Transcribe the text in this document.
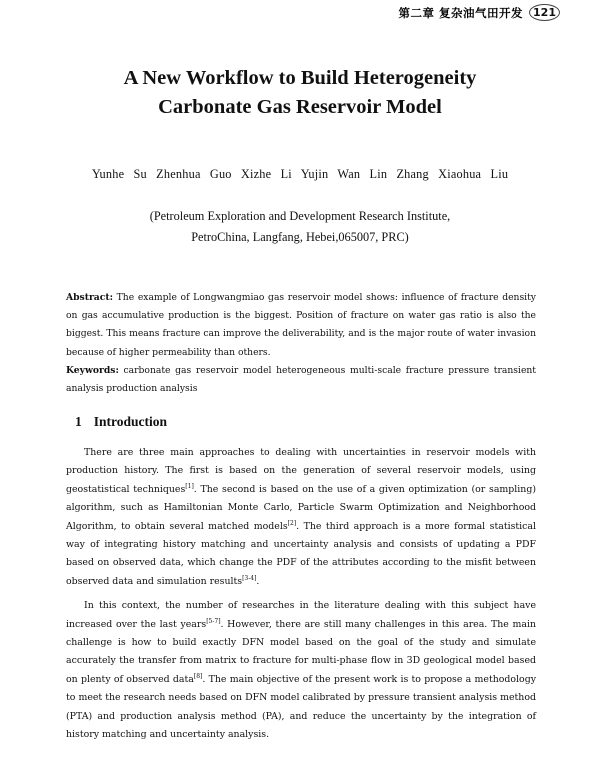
第二章 复杂油气田开发 121
A New Workflow to Build Heterogeneity
Carbonate Gas Reservoir Model
Yunhe Su Zhenhua Guo Xizhe Li Yujin Wan Lin Zhang Xiaohua Liu
(Petroleum Exploration and Development Research Institute,
PetroChina, Langfang, Hebei,065007, PRC)
Abstract: The example of Longwangmiao gas reservoir model shows: influence of fracture density on gas accumulative production is the biggest. Position of fracture on water gas ratio is also the biggest. This means fracture can improve the deliverability, and is the major route of water invasion because of higher permeability than others.
Keywords: carbonate gas reservoir model heterogeneous multi-scale fracture pressure transient analysis production analysis
1 Introduction

There are three main approaches to dealing with uncertainties in reservoir models with production history. The first is based on the generation of several reservoir models, using geostatistical techniques[1]. The second is based on the use of a given optimization (or sampling) algorithm, such as Hamiltonian Monte Carlo, Particle Swarm Optimization and Neighborhood Algorithm, to obtain several matched models[2]. The third approach is a more formal statistical way of integrating history matching and uncertainty analysis and consists of updating a PDF based on observed data, which change the PDF of the attributes according to the misfit between observed data and simulation results[3-4].

In this context, the number of researches in the literature dealing with this subject have increased over the last years[5-7]. However, there are still many challenges in this area. The main challenge is how to build exactly DFN model based on the goal of the study and simulate accurately the transfer from matrix to fracture for multi-phase flow in 3D geological model based on plenty of observed data[8]. The main objective of the present work is to propose a methodology to meet the research needs based on DFN model calibrated by pressure transient analysis method (PTA) and production analysis method (PA), and reduce the uncertainty by the integration of history matching and uncertainty analysis.
